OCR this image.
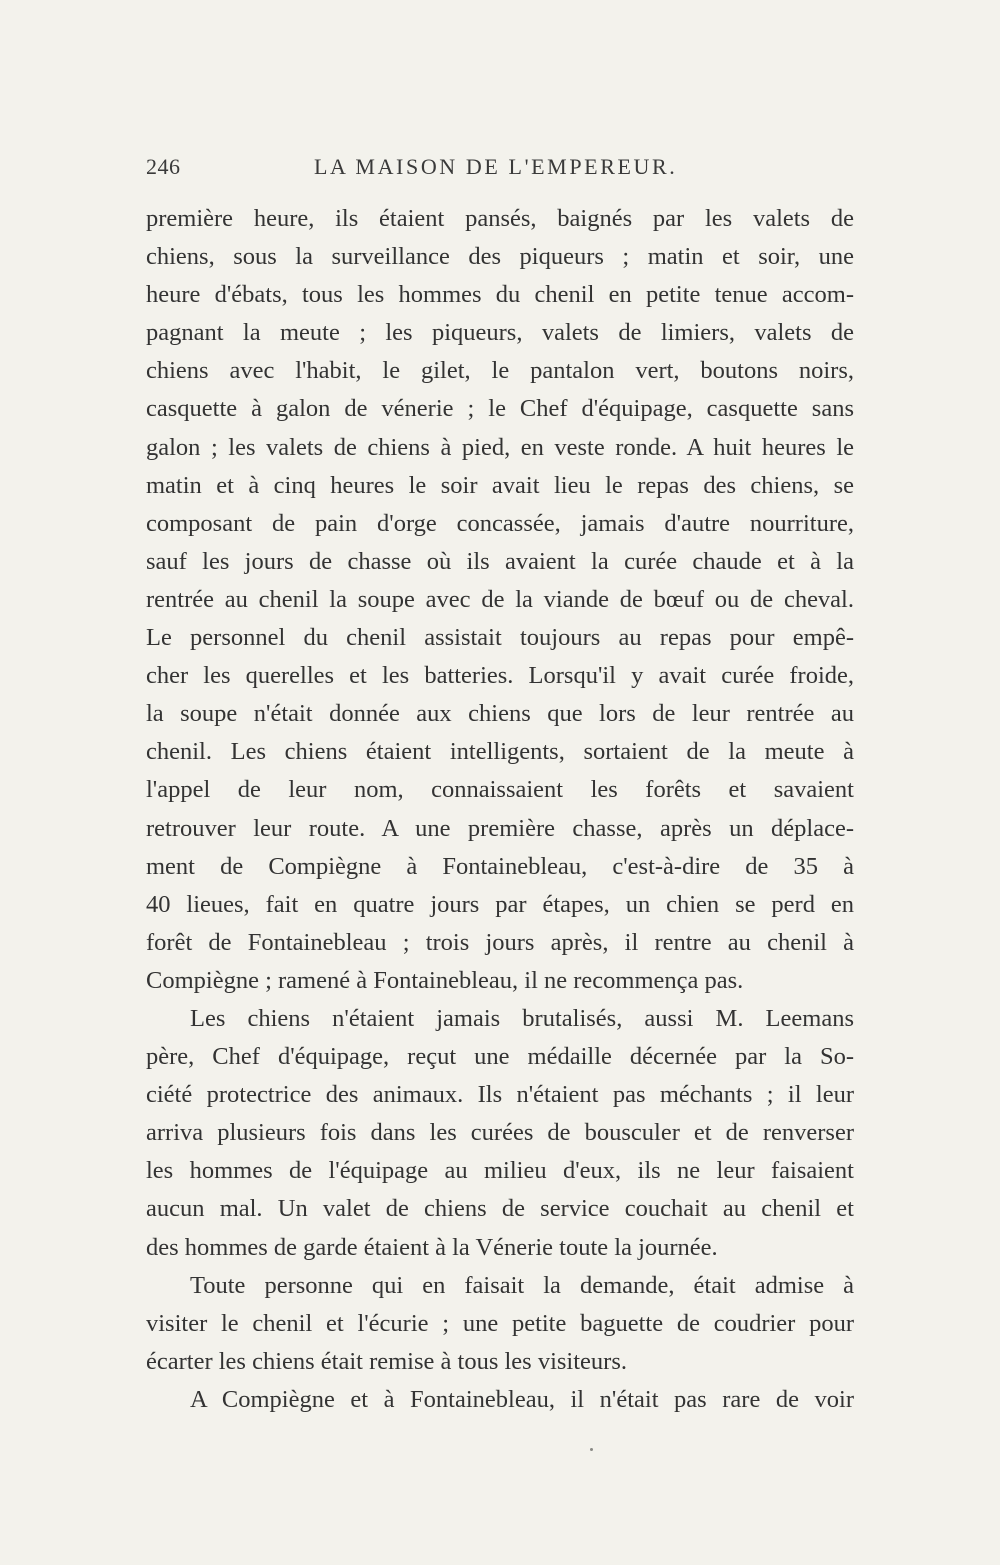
246	LA MAISON DE L'EMPEREUR.
première heure, ils étaient pansés, baignés par les valets de
chiens, sous la surveillance des piqueurs ; matin et soir, une
heure d'ébats, tous les hommes du chenil en petite tenue accom-
pagnant la meute ; les piqueurs, valets de limiers, valets de
chiens avec l'habit, le gilet, le pantalon vert, boutons noirs,
casquette à galon de vénerie ; le Chef d'équipage, casquette sans
galon ; les valets de chiens à pied, en veste ronde. A huit heures le
matin et à cinq heures le soir avait lieu le repas des chiens, se
composant de pain d'orge concassée, jamais d'autre nourriture,
sauf les jours de chasse où ils avaient la curée chaude et à la
rentrée au chenil la soupe avec de la viande de bœuf ou de cheval.
Le personnel du chenil assistait toujours au repas pour empê-
cher les querelles et les batteries. Lorsqu'il y avait curée froide,
la soupe n'était donnée aux chiens que lors de leur rentrée au
chenil. Les chiens étaient intelligents, sortaient de la meute à
l'appel de leur nom, connaissaient les forêts et savaient
retrouver leur route. A une première chasse, après un déplace-
ment de Compiègne à Fontainebleau, c'est-à-dire de 35 à
40 lieues, fait en quatre jours par étapes, un chien se perd en
forêt de Fontainebleau ; trois jours après, il rentre au chenil à
Compiègne ; ramené à Fontainebleau, il ne recommença pas.
Les chiens n'étaient jamais brutalisés, aussi M. Leemans
père, Chef d'équipage, reçut une médaille décernée par la So-
ciété protectrice des animaux. Ils n'étaient pas méchants ; il leur
arriva plusieurs fois dans les curées de bousculer et de renverser
les hommes de l'équipage au milieu d'eux, ils ne leur faisaient
aucun mal. Un valet de chiens de service couchait au chenil et
des hommes de garde étaient à la Vénerie toute la journée.
Toute personne qui en faisait la demande, était admise à
visiter le chenil et l'écurie ; une petite baguette de coudrier pour
écarter les chiens était remise à tous les visiteurs.
A Compiègne et à Fontainebleau, il n'était pas rare de voir
